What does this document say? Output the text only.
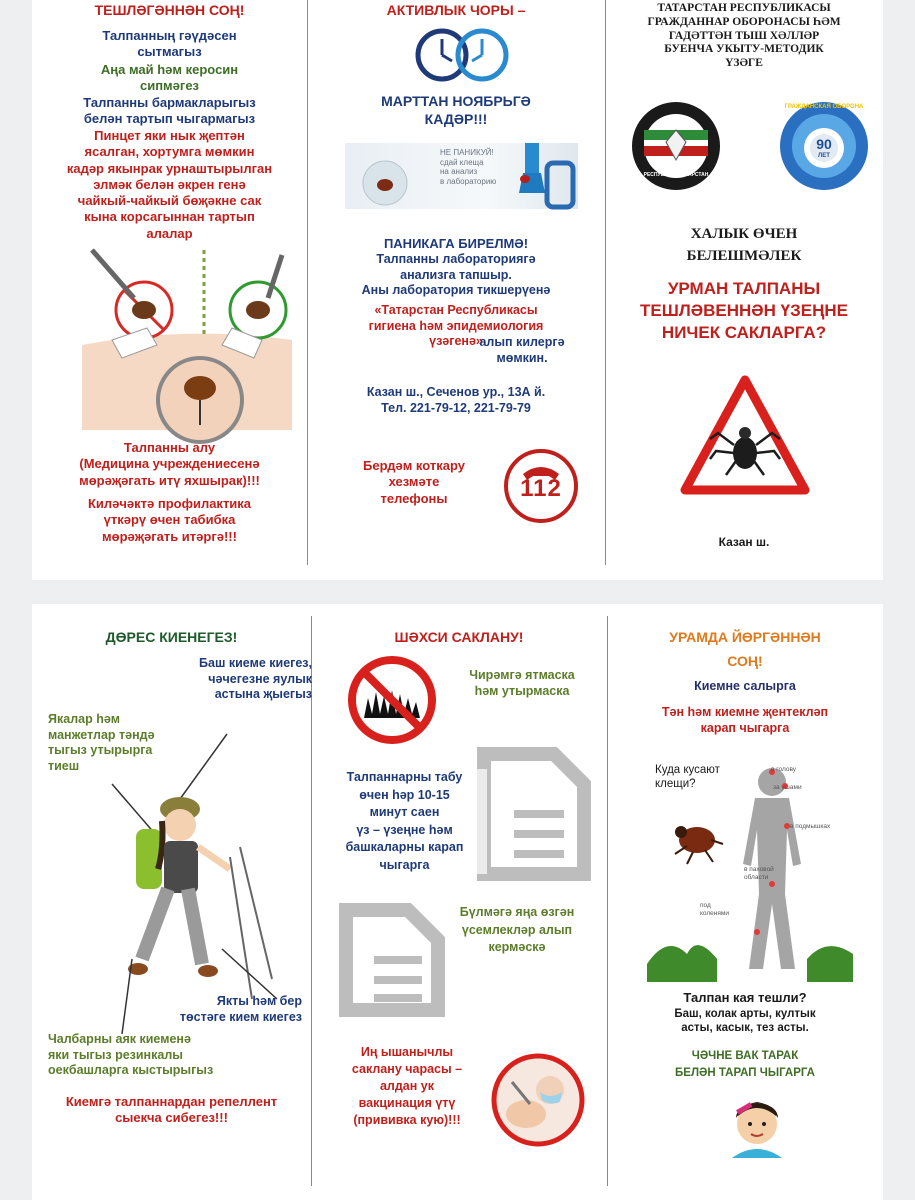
ТЕШЛӘГӘННӘН СОҢ!
Талпанның гәүдәсен
сытмагыз
Аңа май һәм керосин
сипмәгез
Талпанны бармакларыгыз
белән тартып чыгармагыз
Пинцет яки нык җептән
ясалган, хортумга мөмкин
кадәр якынрак урнаштырылган
элмәк белән әкрен генә
чайкый-чайкый бөҗәкне сак
кына корсагыннан тартып
алалар
Талпанны алу
(Медицина учреждениесенә
мөрәҗәгать итү яхшырак)!!!
Киләчәктә профилактика
үткәрү өчен табибка
мөрәҗәгать итәргә!!!
АКТИВЛЫК ЧОРЫ –
МАРТТАН НОЯБРЬГӘ
КАДӘР!!!
НЕ ПАНИКУЙ!
сдай клеща
на анализ
в лабораторию
ПАНИКАГА БИРЕЛМӘ!
Талпанны лабораториягә
анализга тапшыр.
Аны лаборатория тикшерүенә
«Татарстан Республикасы
гигиена һәм эпидемиология
үзәгенә»
алып килергә
мөмкин.
Казан ш., Сеченов ур., 13А й.
Тел. 221-79-12, 221-79-79
Бердәм коткару
хезмәте
телефоны	112
ТАТАРСТАН РЕСПУБЛИКАСЫ
ГРАЖДАННАР ОБОРОНАСЫ ҺӘМ
ГАДӘТТӘН ТЫШ ХӘЛЛӘР
БУЕНЧА УКЫТУ-МЕТОДИК
ҮЗӘГЕ
РЕСПУБЛИКА ТАТАРСТАН
ГРАЖДАНСКАЯ ОБОРОНА
90
ЛЕТ
ХАЛЫК ӨЧЕН
БЕЛЕШМӘЛЕК
УРМАН ТАЛПАНЫ
ТЕШЛӘВЕННӘН ҮЗЕҢНЕ
НИЧЕК САКЛАРГА?
Казан ш.
ДӨРЕС КИЕНЕГЕЗ!
Баш киеме киегез,
чәчегезне яулык
астына җыегыз
Якалар һәм
манжетлар тәндә
тыгыз утырырга
тиеш
Якты һәм бер
төстәге кием киегез
Чалбарны аяк киеменә
яки тыгыз резинкалы
оекбашларга кыстырыгыз
Киемгә талпаннардан репеллент
сыекча сибегез!!!
ШӘХСИ САКЛАНУ!
Чирәмгә ятмаска
һәм утырмаска
Талпаннарны табу
өчен һәр 10-15
минут саен
үз – үзеңне һәм
башкаларны карап
чыгарга
Бүлмәгә яңа өзгән
үсемлекләр алып
кермәскә
Иң ышанычлы
саклану чарасы –
алдан ук
вакцинация үтү
(прививка кую)!!!
УРАМДА ЙӨРГӘННӘН
СОҢ!
Киемне салырга
Тән һәм киемне җентекләп
карап чыгарга
Куда кусают
клещи?
в голову
за ушами
в подмышках
в паховой
области
под
коленями
Талпан кая тешли?
Баш, колак арты, култык
асты, касык, тез асты.
ЧӘЧНЕ ВАК ТАРАК
БЕЛӘН ТАРАП ЧЫГАРГА
